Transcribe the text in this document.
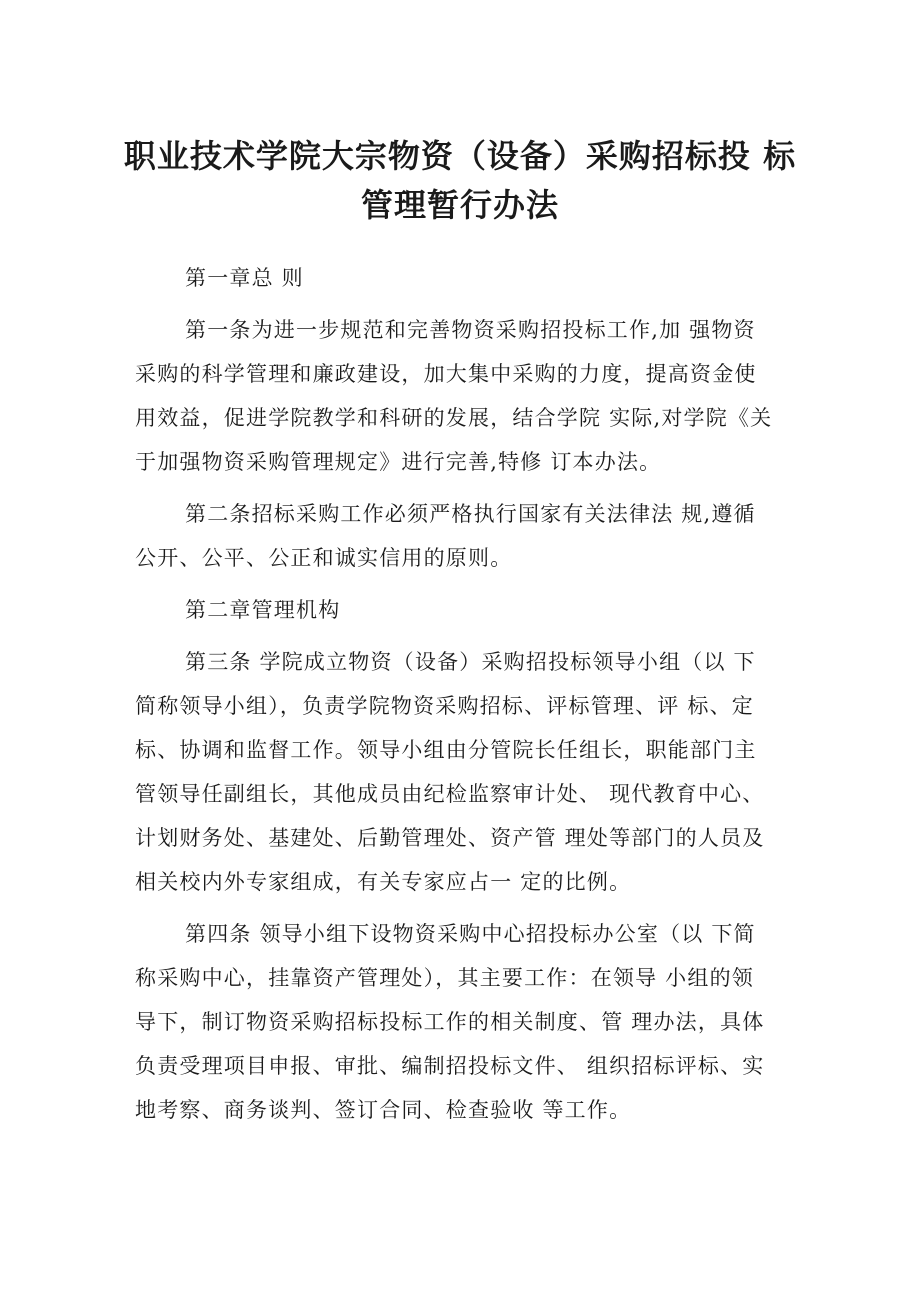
职业技术学院大宗物资（设备）采购招标投 标
管理暂行办法
第一章总 则
第一条为进一步规范和完善物资采购招投标工作,加 强物资
采购的科学管理和廉政建设，加大集中采购的力度，提高资金使
用效益，促进学院教学和科研的发展，结合学院 实际,对学院《关
于加强物资采购管理规定》进行完善,特修 订本办法。
第二条招标采购工作必须严格执行国家有关法律法 规,遵循
公开、公平、公正和诚实信用的原则。
第二章管理机构
第三条 学院成立物资（设备）采购招投标领导小组（以 下
简称领导小组），负责学院物资采购招标、评标管理、评 标、定
标、协调和监督工作。领导小组由分管院长任组长，职能部门主
管领导任副组长，其他成员由纪检监察审计处、 现代教育中心、
计划财务处、基建处、后勤管理处、资产管 理处等部门的人员及
相关校内外专家组成，有关专家应占一 定的比例。
第四条 领导小组下设物资采购中心招投标办公室（以 下简
称采购中心，挂靠资产管理处），其主要工作：在领导 小组的领
导下，制订物资采购招标投标工作的相关制度、管 理办法，具体
负责受理项目申报、审批、编制招投标文件、 组织招标评标、实
地考察、商务谈判、签订合同、检查验收 等工作。
